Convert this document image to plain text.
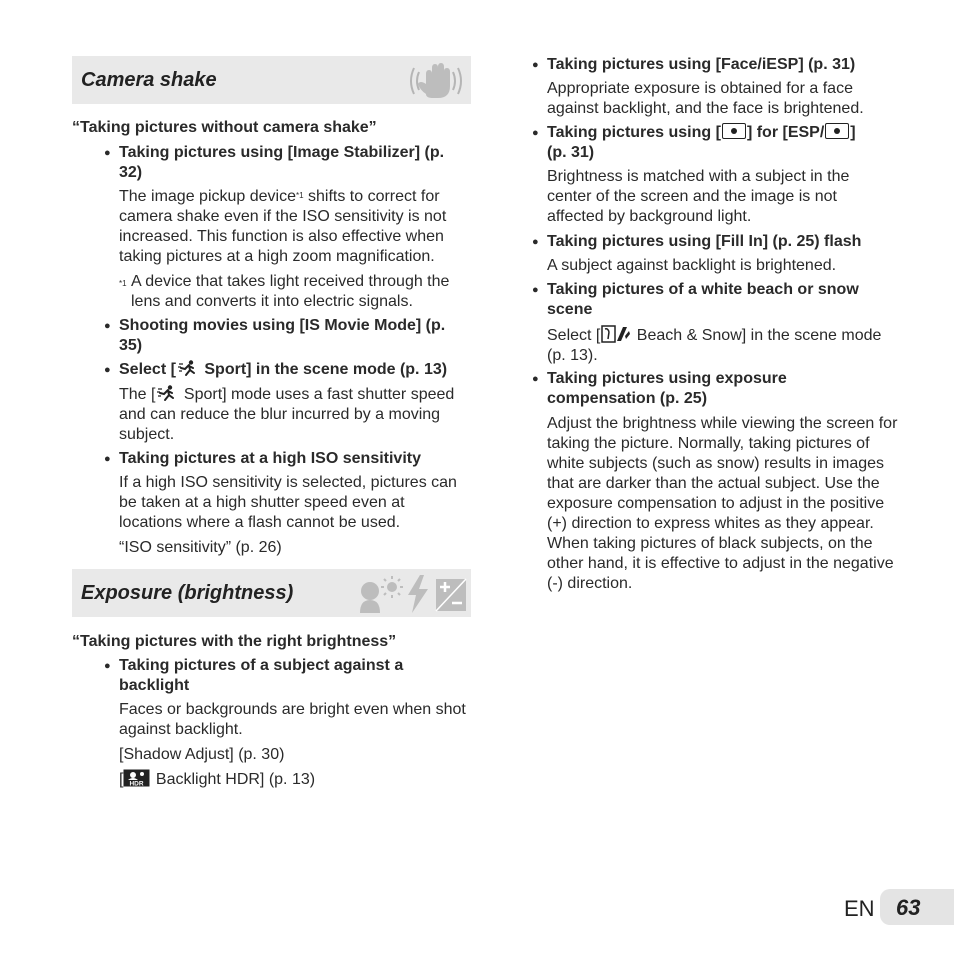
Camera shake
“Taking pictures without camera shake”
● Taking pictures using [Image Stabilizer] (p. 32)
The image pickup device$^{*1}$ shifts to correct for camera shake even if the ISO sensitivity is not increased. This function is also effective when taking pictures at a high zoom magnification.
*1 A device that takes light received through the lens and converts it into electric signals.
● Shooting movies using [IS Movie Mode] (p. 35)
● Select [ Sport] in the scene mode (p. 13)
The [ Sport] mode uses a fast shutter speed and can reduce the blur incurred by a moving subject.
● Taking pictures at a high ISO sensitivity
If a high ISO sensitivity is selected, pictures can be taken at a high shutter speed even at locations where a flash cannot be used.
“ISO sensitivity” (p. 26)
Exposure (brightness)
“Taking pictures with the right brightness”
● Taking pictures of a subject against a backlight
Faces or backgrounds are bright even when shot against backlight.
[Shadow Adjust] (p. 30)
[ HDR Backlight HDR] (p. 13)
● Taking pictures using [Face/iESP] (p. 31)
Appropriate exposure is obtained for a face against backlight, and the face is brightened.
● Taking pictures using [ ] for [ESP/ ]
(p. 31)
Brightness is matched with a subject in the center of the screen and the image is not affected by background light.
● Taking pictures using [Fill In] (p. 25) flash
A subject against backlight is brightened.
● Taking pictures of a white beach or snow scene
Select [ Beach & Snow] in the scene mode (p. 13).
● Taking pictures using exposure compensation (p. 25)
Adjust the brightness while viewing the screen for taking the picture. Normally, taking pictures of white subjects (such as snow) results in images that are darker than the actual subject. Use the exposure compensation to adjust in the positive (+) direction to express whites as they appear. When taking pictures of black subjects, on the other hand, it is effective to adjust in the negative (-) direction.
EN 63
